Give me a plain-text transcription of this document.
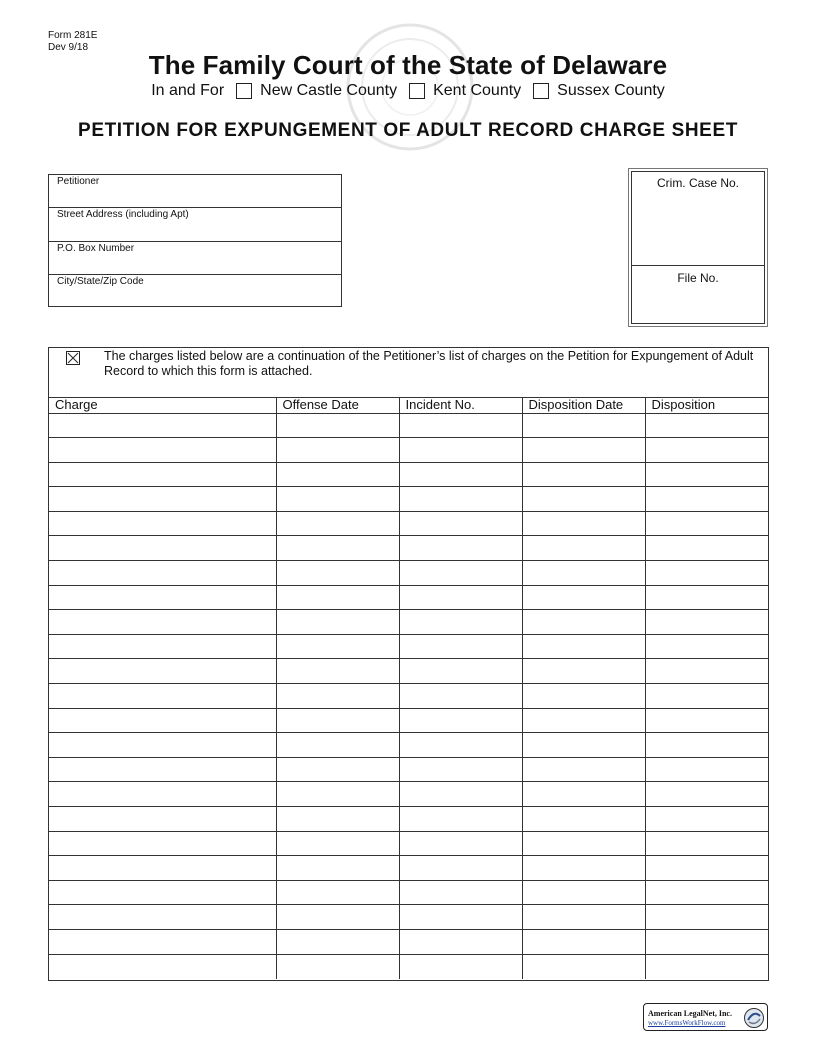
Form 281E
Dev 9/18
The Family Court of the State of Delaware
In and For New Castle County Kent County Sussex County
PETITION FOR EXPUNGEMENT OF ADULT RECORD CHARGE SHEET
Petitioner
Street Address (including Apt)
P.O. Box Number
City/State/Zip Code
Crim. Case No.
File No.
The charges listed below are a continuation of the Petitioner’s list of charges on the Petition for Expungement of Adult Record to which this form is attached.
Charge	Offense Date	Incident No.	Disposition Date	Disposition

American LegalNet, Inc.
www.FormsWorkFlow.com
